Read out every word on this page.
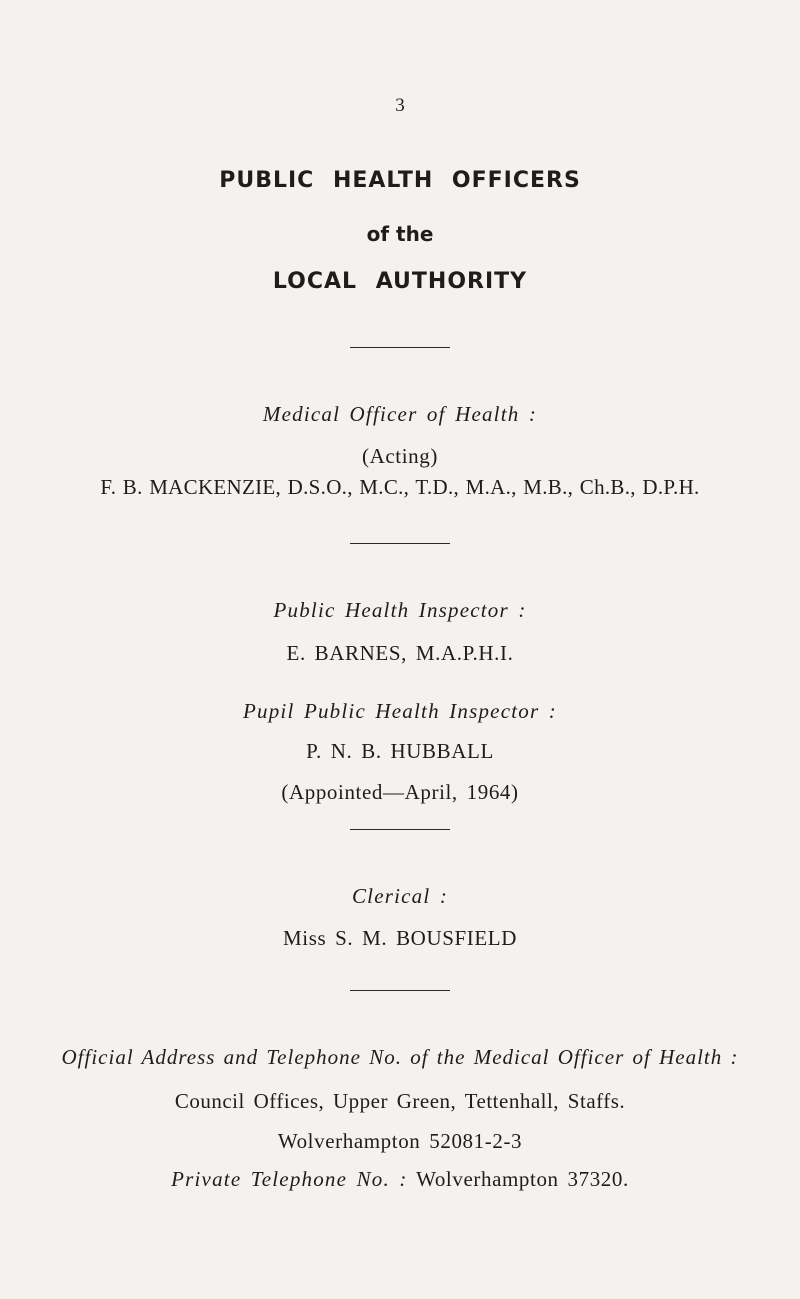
3
PUBLIC HEALTH OFFICERS
of the
LOCAL AUTHORITY
Medical Officer of Health :
(Acting)
F. B. MACKENZIE, D.S.O., M.C., T.D., M.A., M.B., Ch.B., D.P.H.
Public Health Inspector :
E. BARNES, M.A.P.H.I.
Pupil Public Health Inspector :
P. N. B. HUBBALL
(Appointed—April, 1964)
Clerical :
Miss S. M. BOUSFIELD
Official Address and Telephone No. of the Medical Officer of Health :
Council Offices, Upper Green, Tettenhall, Staffs.
Wolverhampton 52081-2-3
Private Telephone No. : Wolverhampton 37320.
